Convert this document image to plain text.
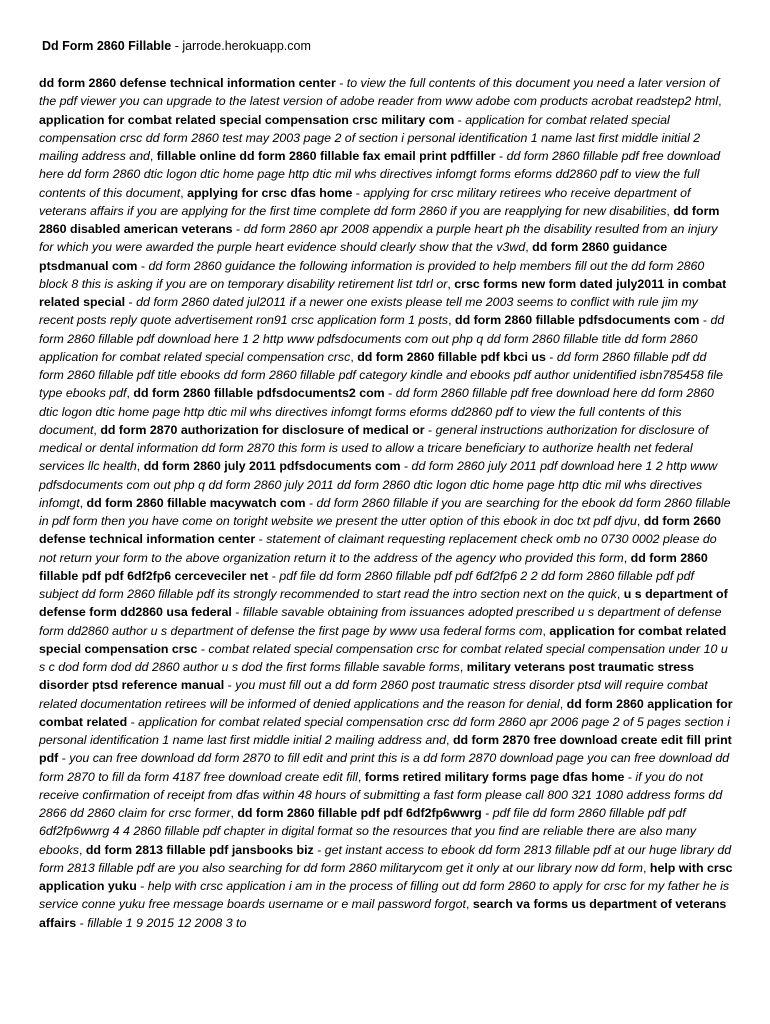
Dd Form 2860 Fillable - jarrode.herokuapp.com
dd form 2860 defense technical information center - to view the full contents of this document you need a later version of the pdf viewer you can upgrade to the latest version of adobe reader from www adobe com products acrobat readstep2 html, application for combat related special compensation crsc military com - application for combat related special compensation crsc dd form 2860 test may 2003 page 2 of section i personal identification 1 name last first middle initial 2 mailing address and, fillable online dd form 2860 fillable fax email print pdffiller - dd form 2860 fillable pdf free download here dd form 2860 dtic logon dtic home page http dtic mil whs directives infomgt forms eforms dd2860 pdf to view the full contents of this document, applying for crsc dfas home - applying for crsc military retirees who receive department of veterans affairs if you are applying for the first time complete dd form 2860 if you are reapplying for new disabilities, dd form 2860 disabled american veterans - dd form 2860 apr 2008 appendix a purple heart ph the disability resulted from an injury for which you were awarded the purple heart evidence should clearly show that the v3wd, dd form 2860 guidance ptsdmanual com - dd form 2860 guidance the following information is provided to help members fill out the dd form 2860 block 8 this is asking if you are on temporary disability retirement list tdrl or, crsc forms new form dated july2011 in combat related special - dd form 2860 dated jul2011 if a newer one exists please tell me 2003 seems to conflict with rule jim my recent posts reply quote advertisement ron91 crsc application form 1 posts, dd form 2860 fillable pdfsdocuments com - dd form 2860 fillable pdf download here 1 2 http www pdfsdocuments com out php q dd form 2860 fillable title dd form 2860 application for combat related special compensation crsc, dd form 2860 fillable pdf kbci us - dd form 2860 fillable pdf dd form 2860 fillable pdf title ebooks dd form 2860 fillable pdf category kindle and ebooks pdf author unidentified isbn785458 file type ebooks pdf, dd form 2860 fillable pdfsdocuments2 com - dd form 2860 fillable pdf free download here dd form 2860 dtic logon dtic home page http dtic mil whs directives infomgt forms eforms dd2860 pdf to view the full contents of this document, dd form 2870 authorization for disclosure of medical or - general instructions authorization for disclosure of medical or dental information dd form 2870 this form is used to allow a tricare beneficiary to authorize health net federal services llc health, dd form 2860 july 2011 pdfsdocuments com - dd form 2860 july 2011 pdf download here 1 2 http www pdfsdocuments com out php q dd form 2860 july 2011 dd form 2860 dtic logon dtic home page http dtic mil whs directives infomgt, dd form 2860 fillable macywatch com - dd form 2860 fillable if you are searching for the ebook dd form 2860 fillable in pdf form then you have come on toright website we present the utter option of this ebook in doc txt pdf djvu, dd form 2660 defense technical information center - statement of claimant requesting replacement check omb no 0730 0002 please do not return your form to the above organization return it to the address of the agency who provided this form, dd form 2860 fillable pdf pdf 6df2fp6 cerceveciler net - pdf file dd form 2860 fillable pdf pdf 6df2fp6 2 2 dd form 2860 fillable pdf pdf subject dd form 2860 fillable pdf its strongly recommended to start read the intro section next on the quick, u s department of defense form dd2860 usa federal - fillable savable obtaining from issuances adopted prescribed u s department of defense form dd2860 author u s department of defense the first page by www usa federal forms com, application for combat related special compensation crsc - combat related special compensation crsc for combat related special compensation under 10 u s c dod form dod dd 2860 author u s dod the first forms fillable savable forms, military veterans post traumatic stress disorder ptsd reference manual - you must fill out a dd form 2860 post traumatic stress disorder ptsd will require combat related documentation retirees will be informed of denied applications and the reason for denial, dd form 2860 application for combat related - application for combat related special compensation crsc dd form 2860 apr 2006 page 2 of 5 pages section i personal identification 1 name last first middle initial 2 mailing address and, dd form 2870 free download create edit fill print pdf - you can free download dd form 2870 to fill edit and print this is a dd form 2870 download page you can free download dd form 2870 to fill da form 4187 free download create edit fill, forms retired military forms page dfas home - if you do not receive confirmation of receipt from dfas within 48 hours of submitting a fast form please call 800 321 1080 address forms dd 2866 dd 2860 claim for crsc former, dd form 2860 fillable pdf pdf 6df2fp6wwrg - pdf file dd form 2860 fillable pdf pdf 6df2fp6wwrg 4 4 2860 fillable pdf chapter in digital format so the resources that you find are reliable there are also many ebooks, dd form 2813 fillable pdf jansbooks biz - get instant access to ebook dd form 2813 fillable pdf at our huge library dd form 2813 fillable pdf are you also searching for dd form 2860 militarycom get it only at our library now dd form, help with crsc application yuku - help with crsc application i am in the process of filling out dd form 2860 to apply for crsc for my father he is service conne yuku free message boards username or e mail password forgot, search va forms us department of veterans affairs - fillable 1 9 2015 12 2008 3 to
